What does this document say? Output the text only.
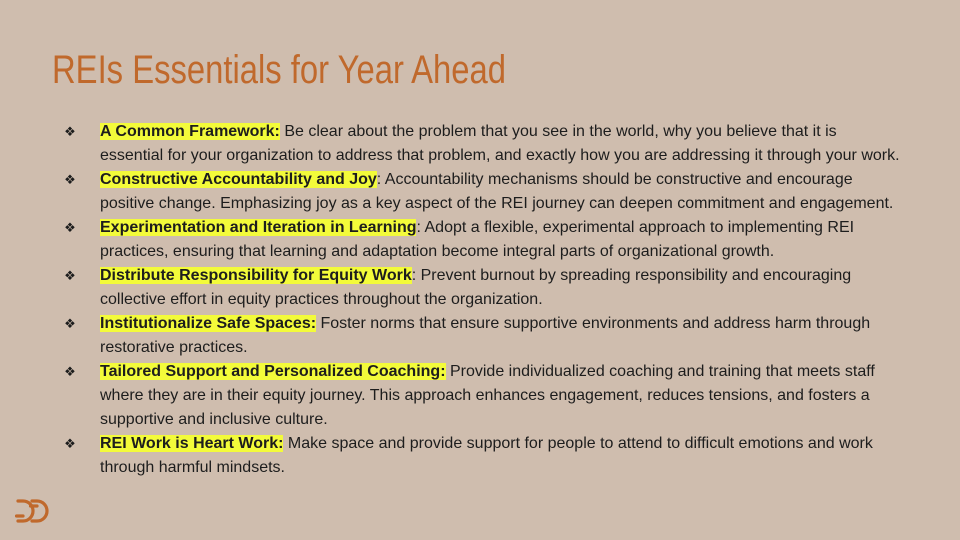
REIs Essentials for Year Ahead
❖ A Common Framework: Be clear about the problem that you see in the world, why you believe that it is essential for your organization to address that problem, and exactly how you are addressing it through your work.
❖ Constructive Accountability and Joy: Accountability mechanisms should be constructive and encourage positive change. Emphasizing joy as a key aspect of the REI journey can deepen commitment and engagement.
❖ Experimentation and Iteration in Learning: Adopt a flexible, experimental approach to implementing REI practices, ensuring that learning and adaptation become integral parts of organizational growth.
❖ Distribute Responsibility for Equity Work: Prevent burnout by spreading responsibility and encouraging collective effort in equity practices throughout the organization.
❖ Institutionalize Safe Spaces: Foster norms that ensure supportive environments and address harm through restorative practices.
❖ Tailored Support and Personalized Coaching: Provide individualized coaching and training that meets staff where they are in their equity journey. This approach enhances engagement, reduces tensions, and fosters a supportive and inclusive culture.
❖ REI Work is Heart Work: Make space and provide support for people to attend to difficult emotions and work through harmful mindsets.
